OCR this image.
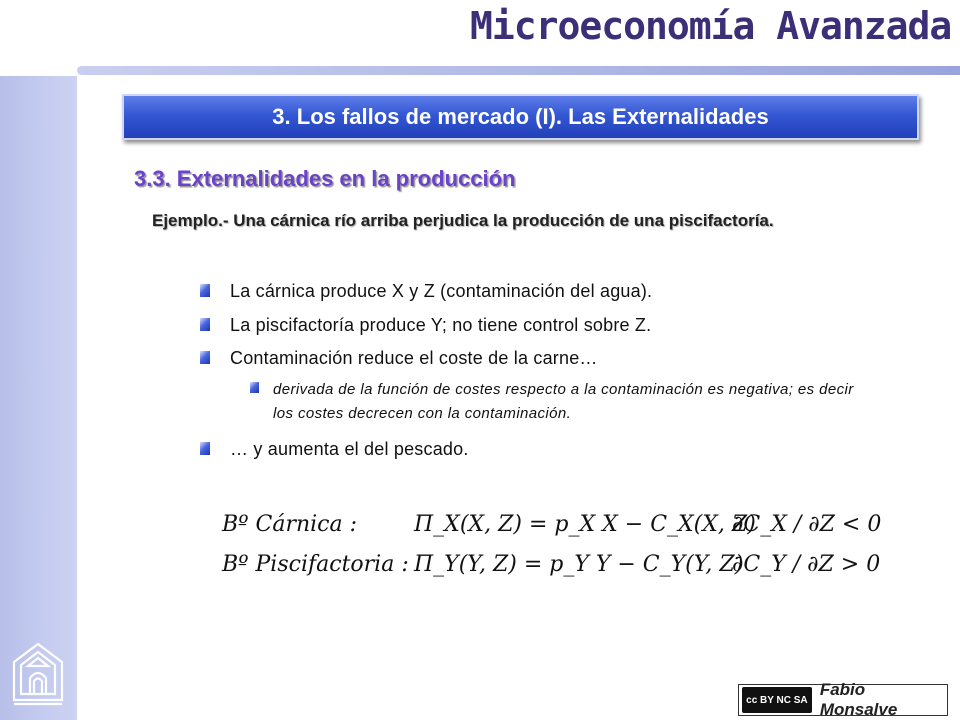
Microeconomía Avanzada
3. Los fallos de mercado (I). Las Externalidades
3.3. Externalidades en la producción
Ejemplo.- Una cárnica río arriba perjudica la producción de una piscifactoría.
La cárnica produce X y Z (contaminación del agua).
La piscifactoría produce Y; no tiene control sobre Z.
Contaminación reduce el coste de la carne…
derivada de la función de costes respecto a la contaminación es negativa; es decir los costes decrecen con la contaminación.
… y aumenta el del pescado.
Bº Cárnica :	Π_X(X, Z) = p_X X − C_X(X, Z)
∂C_X / ∂Z < 0
Bº Piscifactoria : Π_Y(Y, Z) = p_Y Y − C_Y(Y, Z)
∂C_Y / ∂Z > 0
cc BY NC SA
Fabio Monsalve
